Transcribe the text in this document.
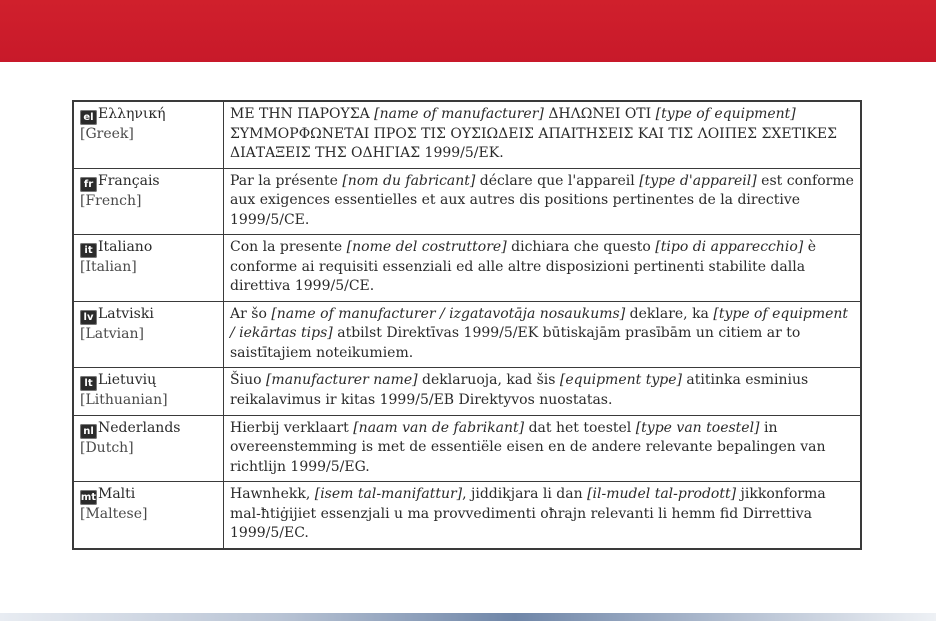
el Ελληνική
[Greek]	ΜΕ ΤΗΝ ΠΑΡΟΥΣΑ [name of manufacturer] ΔΗΛΩΝΕΙ ΟΤΙ [type of equipment] ΣΥΜΜΟΡΦΩΝΕΤΑΙ ΠΡΟΣ ΤΙΣ ΟΥΣΙΩΔΕΙΣ ΑΠΑΙΤΗΣΕΙΣ ΚΑΙ ΤΙΣ ΛΟΙΠΕΣ ΣΧΕΤΙΚΕΣ ΔΙΑΤΑΞΕΙΣ ΤΗΣ ΟΔΗΓΙΑΣ 1999/5/ΕΚ.
fr Français
[French]	Par la présente [nom du fabricant] déclare que l'appareil [type d'appareil] est conforme aux exigences essentielles et aux autres dis positions pertinentes de la directive 1999/5/CE.
it Italiano
[Italian]	Con la presente [nome del costruttore] dichiara che questo [tipo di apparecchio] è conforme ai requisiti essenziali ed alle altre disposizioni pertinenti stabilite dalla direttiva 1999/5/CE.
lv Latviski
[Latvian]	Ar šo [name of manufacturer / izgatavotāja nosaukums] deklare, ka [type of equipment / iekārtas tips] atbilst Direktīvas 1999/5/EK būtiskajām prasībām un citiem ar to saistītajiem noteikumiem.
lt Lietuvių
[Lithuanian]	Šiuo [manufacturer name] deklaruoja, kad šis [equipment type] atitinka esminius reikalavimus ir kitas 1999/5/EB Direktyvos nuostatas.
nl Nederlands
[Dutch]	Hierbij verklaart [naam van de fabrikant] dat het toestel [type van toestel] in overeenstemming is met de essentiële eisen en de andere relevante bepalingen van richtlijn 1999/5/EG.
mt Malti
[Maltese]	Hawnhekk, [isem tal-manifattur], jiddikjara li dan [il-mudel tal-prodott] jikkonforma mal-ħtiġijiet essenzjali u ma provvedimenti oħrajn relevanti li hemm fid Dirrettiva 1999/5/EC.
